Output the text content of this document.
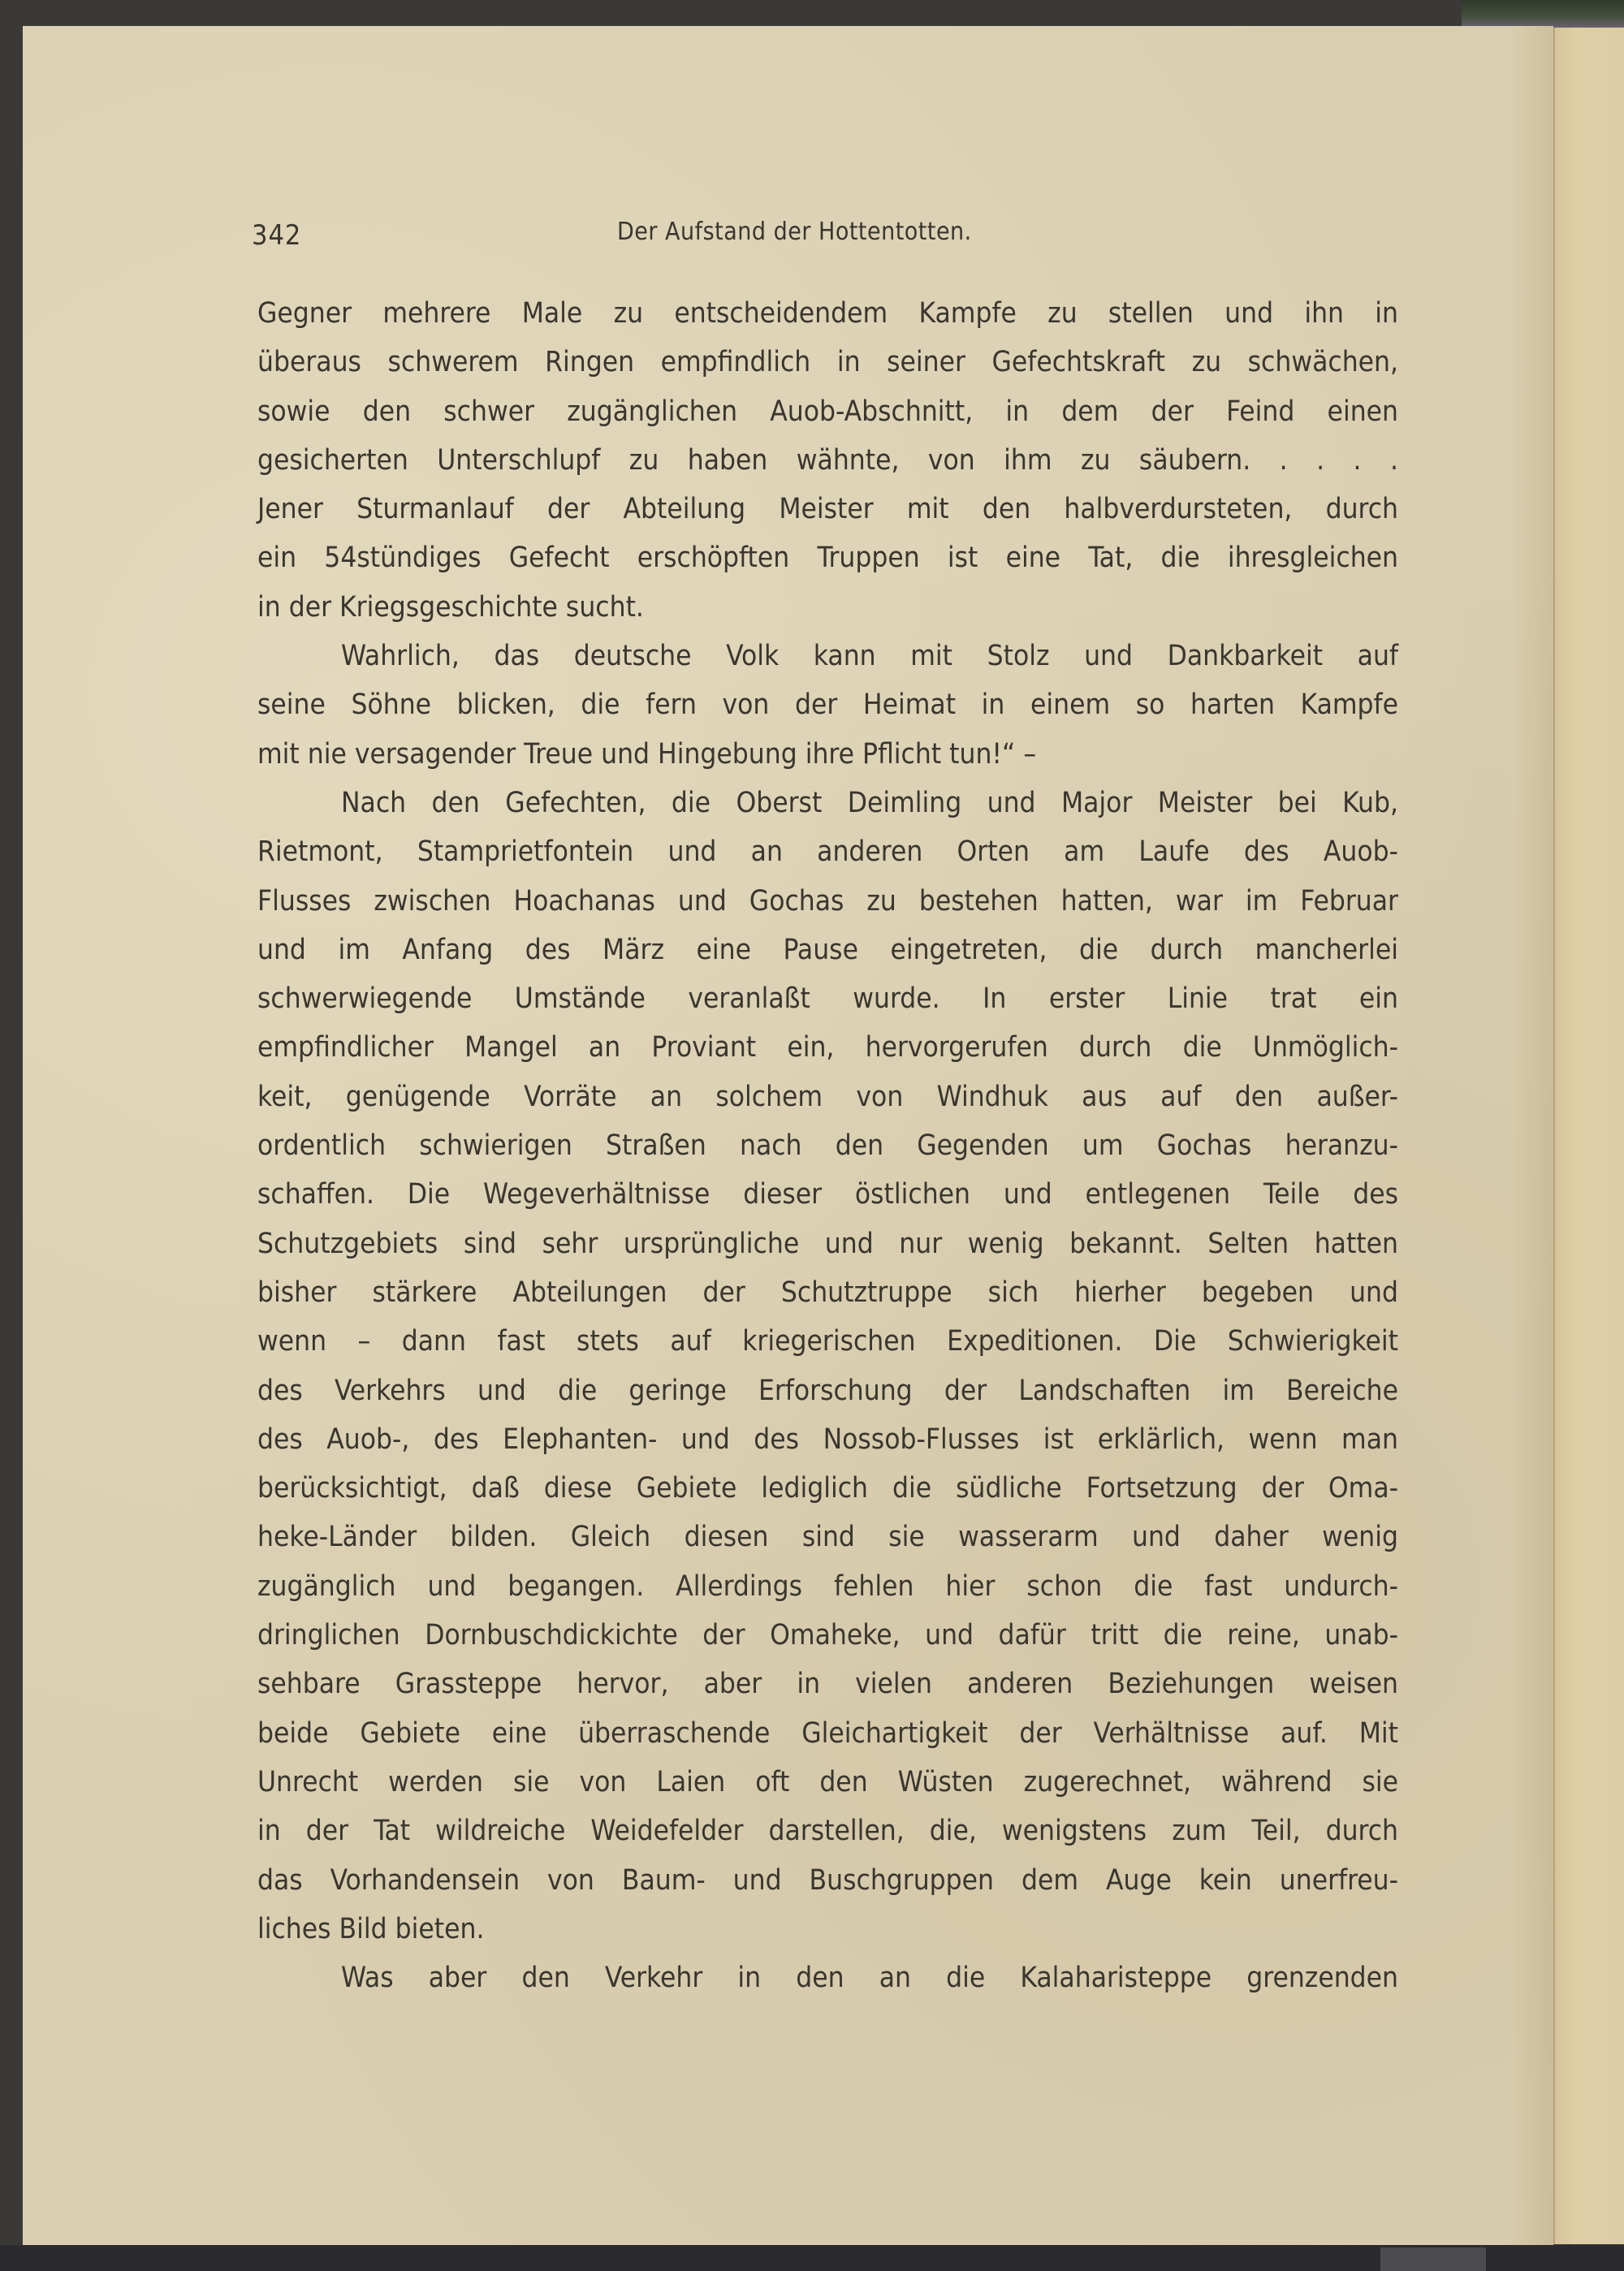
342	Der Aufstand der Hottentotten.
Gegner mehrere Male zu entscheidendem Kampfe zu stellen und ihn in
überaus schwerem Ringen empfindlich in seiner Gefechtskraft zu schwächen,
sowie den schwer zugänglichen Auob-Abschnitt, in dem der Feind einen
gesicherten Unterschlupf zu haben wähnte, von ihm zu säubern. . . . .
Jener Sturmanlauf der Abteilung Meister mit den halbverdursteten, durch
ein 54stündiges Gefecht erschöpften Truppen ist eine Tat, die ihresgleichen
in der Kriegsgeschichte sucht.
Wahrlich, das deutsche Volk kann mit Stolz und Dankbarkeit auf
seine Söhne blicken, die fern von der Heimat in einem so harten Kampfe
mit nie versagender Treue und Hingebung ihre Pflicht tun!“ –
Nach den Gefechten, die Oberst Deimling und Major Meister bei Kub,
Rietmont, Stamprietfontein und an anderen Orten am Laufe des Auob-
Flusses zwischen Hoachanas und Gochas zu bestehen hatten, war im Februar
und im Anfang des März eine Pause eingetreten, die durch mancherlei
schwerwiegende Umstände veranlaßt wurde. In erster Linie trat ein
empfindlicher Mangel an Proviant ein, hervorgerufen durch die Unmöglich-
keit, genügende Vorräte an solchem von Windhuk aus auf den außer-
ordentlich schwierigen Straßen nach den Gegenden um Gochas heranzu-
schaffen. Die Wegeverhältnisse dieser östlichen und entlegenen Teile des
Schutzgebiets sind sehr ursprüngliche und nur wenig bekannt. Selten hatten
bisher stärkere Abteilungen der Schutztruppe sich hierher begeben und
wenn – dann fast stets auf kriegerischen Expeditionen. Die Schwierigkeit
des Verkehrs und die geringe Erforschung der Landschaften im Bereiche
des Auob-, des Elephanten- und des Nossob-Flusses ist erklärlich, wenn man
berücksichtigt, daß diese Gebiete lediglich die südliche Fortsetzung der Oma-
heke-Länder bilden. Gleich diesen sind sie wasserarm und daher wenig
zugänglich und begangen. Allerdings fehlen hier schon die fast undurch-
dringlichen Dornbuschdickichte der Omaheke, und dafür tritt die reine, unab-
sehbare Grassteppe hervor, aber in vielen anderen Beziehungen weisen
beide Gebiete eine überraschende Gleichartigkeit der Verhältnisse auf. Mit
Unrecht werden sie von Laien oft den Wüsten zugerechnet, während sie
in der Tat wildreiche Weidefelder darstellen, die, wenigstens zum Teil, durch
das Vorhandensein von Baum- und Buschgruppen dem Auge kein unerfreu-
liches Bild bieten.
Was aber den Verkehr in den an die Kalaharisteppe grenzenden
